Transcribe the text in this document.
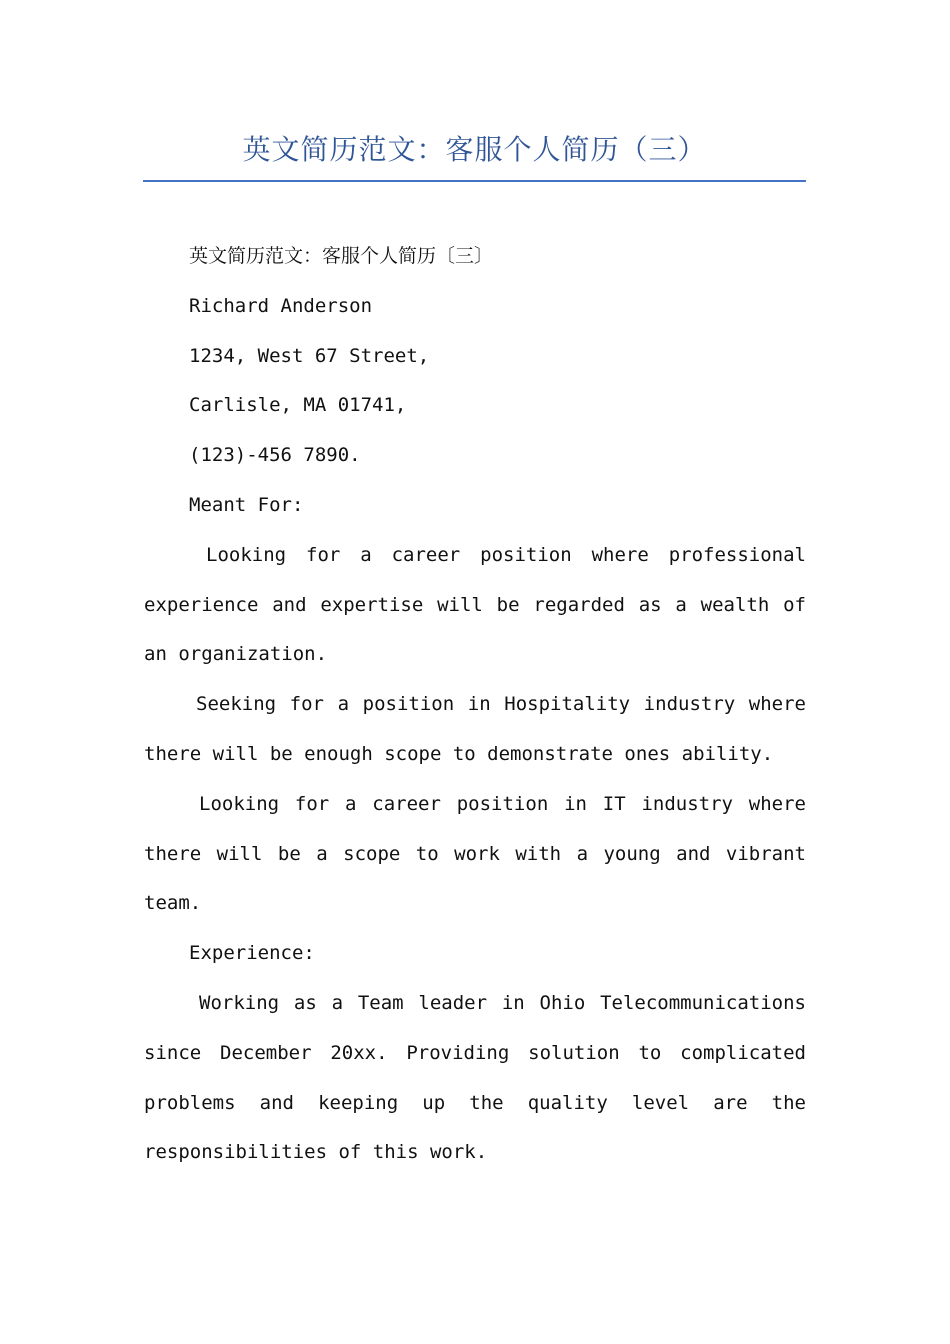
英文简历范文：客服个人简历（三）

英文简历范文：客服个人简历〔三〕

Richard Anderson

1234, West 67 Street,

Carlisle, MA 01741,

(123)-456 7890.

Meant For:

Looking for a career position where professional experience and expertise will be regarded as a wealth of an organization.

Seeking for a position in Hospitality industry where there will be enough scope to demonstrate ones ability.

Looking for a career position in IT industry where there will be a scope to work with a young and vibrant team.

Experience:

Working as a Team leader in Ohio Telecommunications since December 20xx. Providing solution to complicated problems and keeping up the quality level are the responsibilities of this work.
